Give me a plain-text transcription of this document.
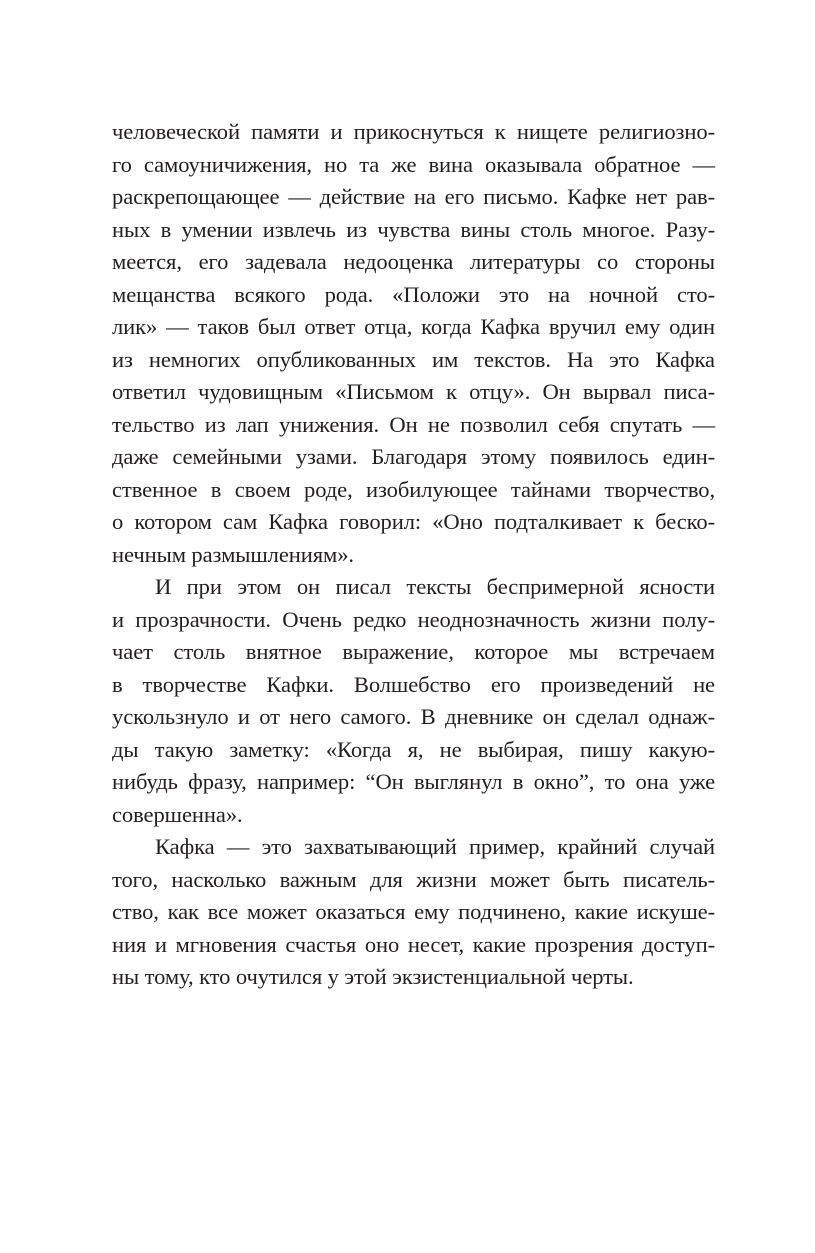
человеческой памяти и прикоснуться к нищете религиозно-
го самоуничижения, но та же вина оказывала обратное —
раскрепощающее — действие на его письмо. Кафке нет рав-
ных в умении извлечь из чувства вины столь многое. Разу-
меется, его задевала недооценка литературы со стороны
мещанства всякого рода. «Положи это на ночной сто-
лик» — таков был ответ отца, когда Кафка вручил ему один
из немногих опубликованных им текстов. На это Кафка
ответил чудовищным «Письмом к отцу». Он вырвал писа-
тельство из лап унижения. Он не позволил себя спутать —
даже семейными узами. Благодаря этому появилось един-
ственное в своем роде, изобилующее тайнами творчество,
о котором сам Кафка говорил: «Оно подталкивает к беско-
нечным размышлениям».
И при этом он писал тексты беспримерной ясности
и прозрачности. Очень редко неоднозначность жизни полу-
чает столь внятное выражение, которое мы встречаем
в творчестве Кафки. Волшебство его произведений не
ускользнуло и от него самого. В дневнике он сделал однаж-
ды такую заметку: «Когда я, не выбирая, пишу какую-
нибудь фразу, например: “Он выглянул в окно”, то она уже
совершенна».
Кафка — это захватывающий пример, крайний случай
того, насколько важным для жизни может быть писатель-
ство, как все может оказаться ему подчинено, какие искуше-
ния и мгновения счастья оно несет, какие прозрения доступ-
ны тому, кто очутился у этой экзистенциальной черты.
